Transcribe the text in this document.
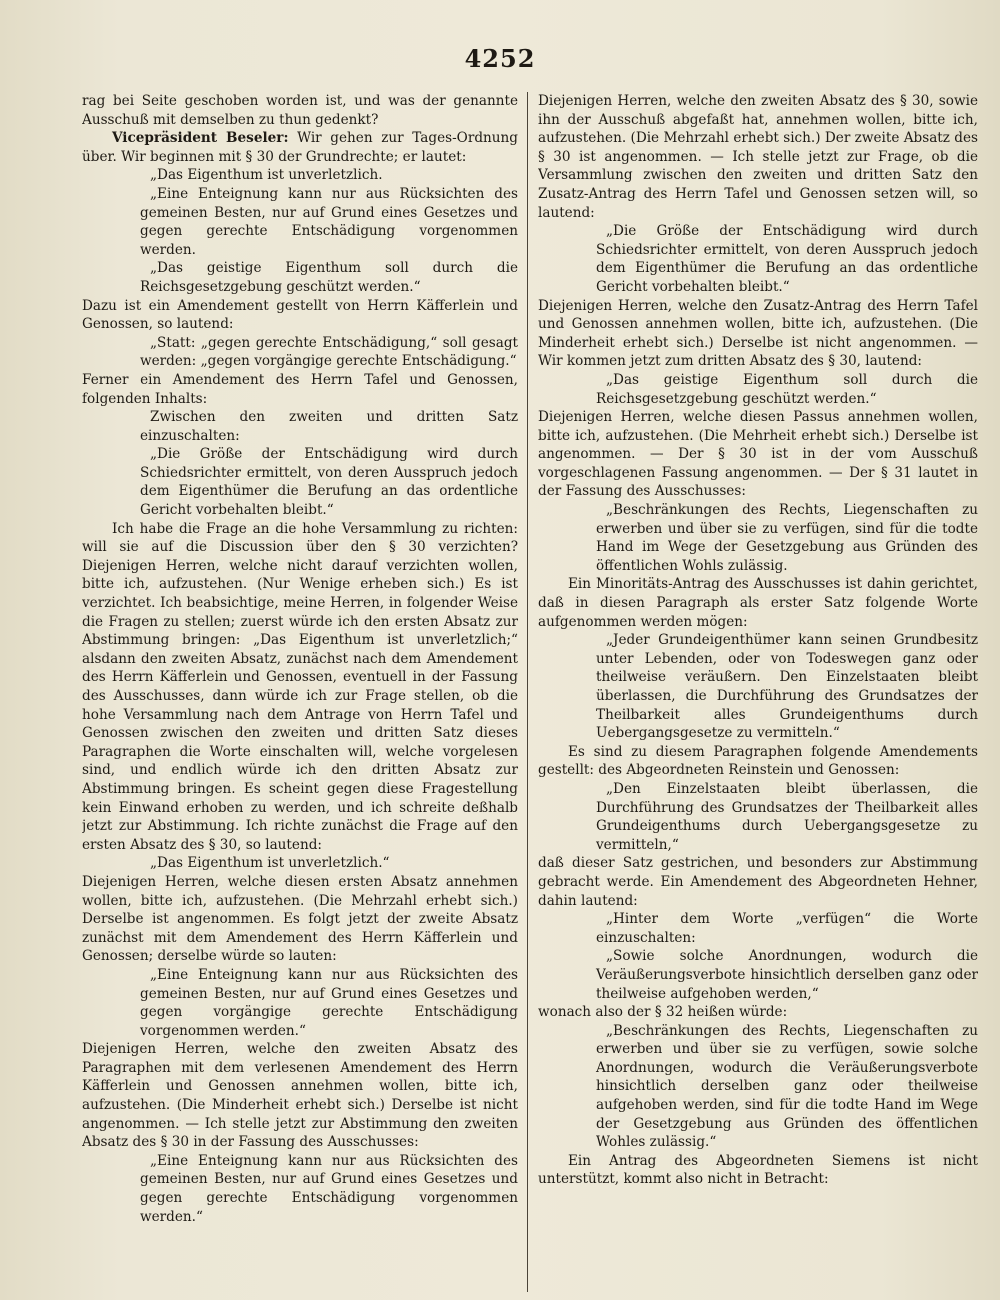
4252

rag bei Seite geschoben worden ist, und was der genannte Ausschuß mit demselben zu thun gedenkt?

Vicepräsident Beseler: Wir gehen zur Tages-Ordnung über. Wir beginnen mit § 30 der Grundrechte; er lautet:

„Das Eigenthum ist unverletzlich.

„Eine Enteignung kann nur aus Rücksichten des gemeinen Besten, nur auf Grund eines Gesetzes und gegen gerechte Entschädigung vorgenommen werden.

„Das geistige Eigenthum soll durch die Reichsgesetzgebung geschützt werden.“

Dazu ist ein Amendement gestellt von Herrn Käfferlein und Genossen, so lautend:

„Statt: „gegen gerechte Entschädigung,“ soll gesagt werden: „gegen vorgängige gerechte Entschädigung.“

Ferner ein Amendement des Herrn Tafel und Genossen, folgenden Inhalts:

Zwischen den zweiten und dritten Satz einzuschalten:

„Die Größe der Entschädigung wird durch Schiedsrichter ermittelt, von deren Ausspruch jedoch dem Eigenthümer die Berufung an das ordentliche Gericht vorbehalten bleibt.“

Ich habe die Frage an die hohe Versammlung zu richten: will sie auf die Discussion über den § 30 verzichten? Diejenigen Herren, welche nicht darauf verzichten wollen, bitte ich, aufzustehen. (Nur Wenige erheben sich.) Es ist verzichtet. Ich beabsichtige, meine Herren, in folgender Weise die Fragen zu stellen; zuerst würde ich den ersten Absatz zur Abstimmung bringen: „Das Eigenthum ist unverletzlich;“ alsdann den zweiten Absatz, zunächst nach dem Amendement des Herrn Käfferlein und Genossen, eventuell in der Fassung des Ausschusses, dann würde ich zur Frage stellen, ob die hohe Versammlung nach dem Antrage von Herrn Tafel und Genossen zwischen den zweiten und dritten Satz dieses Paragraphen die Worte einschalten will, welche vorgelesen sind, und endlich würde ich den dritten Absatz zur Abstimmung bringen. Es scheint gegen diese Fragestellung kein Einwand erhoben zu werden, und ich schreite deßhalb jetzt zur Abstimmung. Ich richte zunächst die Frage auf den ersten Absatz des § 30, so lautend:

„Das Eigenthum ist unverletzlich.“

Diejenigen Herren, welche diesen ersten Absatz annehmen wollen, bitte ich, aufzustehen. (Die Mehrzahl erhebt sich.) Derselbe ist angenommen. Es folgt jetzt der zweite Absatz zunächst mit dem Amendement des Herrn Käfferlein und Genossen; derselbe würde so lauten:

„Eine Enteignung kann nur aus Rücksichten des gemeinen Besten, nur auf Grund eines Gesetzes und gegen vorgängige gerechte Entschädigung vorgenommen werden.“

Diejenigen Herren, welche den zweiten Absatz des Paragraphen mit dem verlesenen Amendement des Herrn Käfferlein und Genossen annehmen wollen, bitte ich, aufzustehen. (Die Minderheit erhebt sich.) Derselbe ist nicht angenommen. — Ich stelle jetzt zur Abstimmung den zweiten Absatz des § 30 in der Fassung des Ausschusses:

„Eine Enteignung kann nur aus Rücksichten des gemeinen Besten, nur auf Grund eines Gesetzes und gegen gerechte Entschädigung vorgenommen werden.“

Diejenigen Herren, welche den zweiten Absatz des § 30, sowie ihn der Ausschuß abgefaßt hat, annehmen wollen, bitte ich, aufzustehen. (Die Mehrzahl erhebt sich.) Der zweite Absatz des § 30 ist angenommen. — Ich stelle jetzt zur Frage, ob die Versammlung zwischen den zweiten und dritten Satz den Zusatz-Antrag des Herrn Tafel und Genossen setzen will, so lautend:

„Die Größe der Entschädigung wird durch Schiedsrichter ermittelt, von deren Ausspruch jedoch dem Eigenthümer die Berufung an das ordentliche Gericht vorbehalten bleibt.“

Diejenigen Herren, welche den Zusatz-Antrag des Herrn Tafel und Genossen annehmen wollen, bitte ich, aufzustehen. (Die Minderheit erhebt sich.) Derselbe ist nicht angenommen. — Wir kommen jetzt zum dritten Absatz des § 30, lautend:

„Das geistige Eigenthum soll durch die Reichsgesetzgebung geschützt werden.“

Diejenigen Herren, welche diesen Passus annehmen wollen, bitte ich, aufzustehen. (Die Mehrheit erhebt sich.) Derselbe ist angenommen. — Der § 30 ist in der vom Ausschuß vorgeschlagenen Fassung angenommen. — Der § 31 lautet in der Fassung des Ausschusses:

„Beschränkungen des Rechts, Liegenschaften zu erwerben und über sie zu verfügen, sind für die todte Hand im Wege der Gesetzgebung aus Gründen des öffentlichen Wohls zulässig.

Ein Minoritäts-Antrag des Ausschusses ist dahin gerichtet, daß in diesen Paragraph als erster Satz folgende Worte aufgenommen werden mögen:

„Jeder Grundeigenthümer kann seinen Grundbesitz unter Lebenden, oder von Todeswegen ganz oder theilweise veräußern. Den Einzelstaaten bleibt überlassen, die Durchführung des Grundsatzes der Theilbarkeit alles Grundeigenthums durch Uebergangsgesetze zu vermitteln.“

Es sind zu diesem Paragraphen folgende Amendements gestellt: des Abgeordneten Reinstein und Genossen:

„Den Einzelstaaten bleibt überlassen, die Durchführung des Grundsatzes der Theilbarkeit alles Grundeigenthums durch Uebergangsgesetze zu vermitteln,“

daß dieser Satz gestrichen, und besonders zur Abstimmung gebracht werde. Ein Amendement des Abgeordneten Hehner, dahin lautend:

„Hinter dem Worte „verfügen“ die Worte einzuschalten:

„Sowie solche Anordnungen, wodurch die Veräußerungsverbote hinsichtlich derselben ganz oder theilweise aufgehoben werden,“

wonach also der § 32 heißen würde:

„Beschränkungen des Rechts, Liegenschaften zu erwerben und über sie zu verfügen, sowie solche Anordnungen, wodurch die Veräußerungsverbote hinsichtlich derselben ganz oder theilweise aufgehoben werden, sind für die todte Hand im Wege der Gesetzgebung aus Gründen des öffentlichen Wohles zulässig.“

Ein Antrag des Abgeordneten Siemens ist nicht unterstützt, kommt also nicht in Betracht:
